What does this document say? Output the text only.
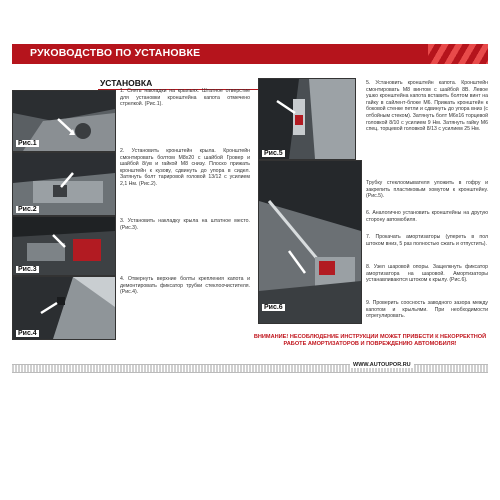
РУКОВОДСТВО ПО УСТАНОВКЕ
УСТАНОВКА
Рис.1
Рис.2
Рис.3
Рис.4
Рис.5
Рис.6
1. Снять накладки на крыльях. Штатное отверстие для установки кронштейна капота отмечено стрелкой. (Рис.1).
2. Установить кронштейн крыла. Кронштейн смонтировать болтом М8х20 с шайбой Гровер и шайбой 8/ув и гайкой М8 снизу. Плоско прижать кронштейн к кузову, сдвинуть до упора в сидел. Затянуть болт тарировой головой 13/12 с усилием 2,1 Нм. (Рис.2).
3. Установить накладку крыла на штатное место. (Рис.3).
4. Отвернуть верхние болты крепления капота и демонтировать фиксатор трубки стеклоочистителя. (Рис.4).
5. Установить кронштейн капота. Кронштейн смонтировать М8 винтом с шайбой 8В. Левое ушко кронштейна капота вставить болтом винт на гайку в сайлент-блоке М6. Прижать кронштейн к боковой стенке петли и сдвинуть до упора вниз (с отбойным стеком). Затянуть болт М6х16 торцевой головкой 8/10 с усилием 9 Нм. Затянуть гайку М6 спец. торцевой головкой 8/13 с усилием 25 Нм.
Трубку стеклоомывателя уложить в гофру и закрепить пластиковым хомутом к кронштейну. (Рис.5).
6. Аналогично установить кронштейны на другую сторону автомобиля.
7. Прокачать амортизаторы (упереть в пол штоком вниз, 5 раз полностью сжать и отпустить).
8. Узел шаровой опоры. Защелкнуть фиксатор амортизатора на шаровой. Амортизаторы устанавливаются штоком к крылу. (Рис.6).
9. Проверить соосность заводного зазора между капотом и крыльями. При необходимости отрегулировать.
ВНИМАНИЕ! НЕСОБЛЮДЕНИЕ ИНСТРУКЦИИ МОЖЕТ ПРИВЕСТИ К НЕКОРРЕКТНОЙ РАБОТЕ АМОРТИЗАТОРОВ И ПОВРЕЖДЕНИЮ АВТОМОБИЛЯ!
WWW.AUTOUPOR.RU
